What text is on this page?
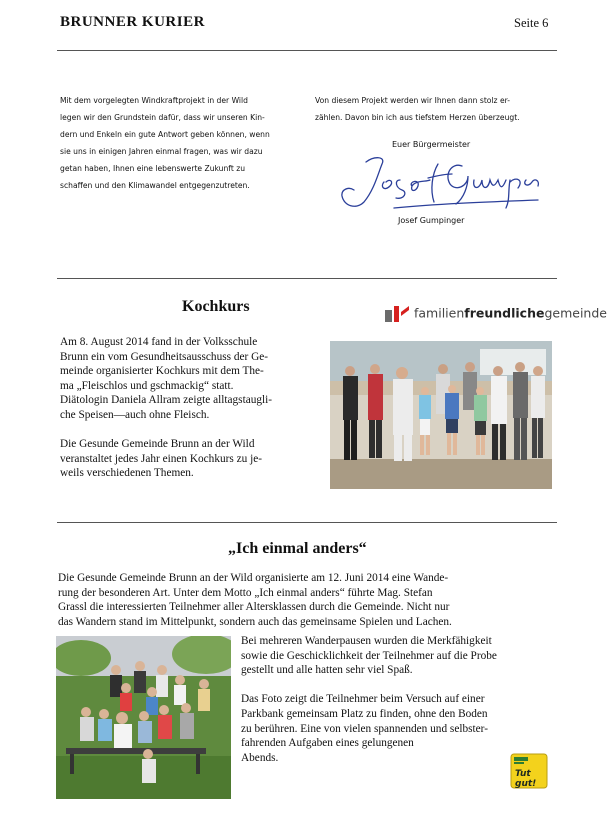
BRUNNER KURIER	Seite 6
Mit dem vorgelegten Windkraftprojekt in der Wild
legen wir den Grundstein dafür, dass wir unseren Kin-
dern und Enkeln ein gute Antwort geben können, wenn
sie uns in einigen Jahren einmal fragen, was wir dazu
getan haben, Ihnen eine lebenswerte Zukunft zu
schaffen und den Klimawandel entgegenzutreten.
Von diesem Projekt werden wir Ihnen dann stolz er-
zählen. Davon bin ich aus tiefstem Herzen überzeugt.
Euer Bürgermeister
Josef Gumpinger
Kochkurs	familienfreundlichegemeinde
Am 8. August 2014 fand in der Volksschule
Brunn ein vom Gesundheitsausschuss der Ge-
meinde organisierter Kochkurs mit dem The-
ma „Fleischlos und gschmackig“ statt.
Diätologin Daniela Allram zeigte alltagstaugli-
che Speisen—auch ohne Fleisch.
Die Gesunde Gemeinde Brunn an der Wild
veranstaltet jedes Jahr einen Kochkurs zu je-
weils verschiedenen Themen.
„Ich einmal anders“
Die Gesunde Gemeinde Brunn an der Wild organisierte am 12. Juni 2014 eine Wande-
rung der besonderen Art. Unter dem Motto „Ich einmal anders“ führte Mag. Stefan
Grassl die interessierten Teilnehmer aller Altersklassen durch die Gemeinde. Nicht nur
das Wandern stand im Mittelpunkt, sondern auch das gemeinsame Spielen und Lachen.
Bei mehreren Wanderpausen wurden die Merkfähigkeit
sowie die Geschicklichkeit der Teilnehmer auf die Probe
gestellt und alle hatten sehr viel Spaß.
Das Foto zeigt die Teilnehmer beim Versuch auf einer
Parkbank gemeinsam Platz zu finden, ohne den Boden
zu berühren. Eine von vielen spannenden und selbster-
fahrenden Aufgaben eines gelungenen
Abends.
Tut gut!
